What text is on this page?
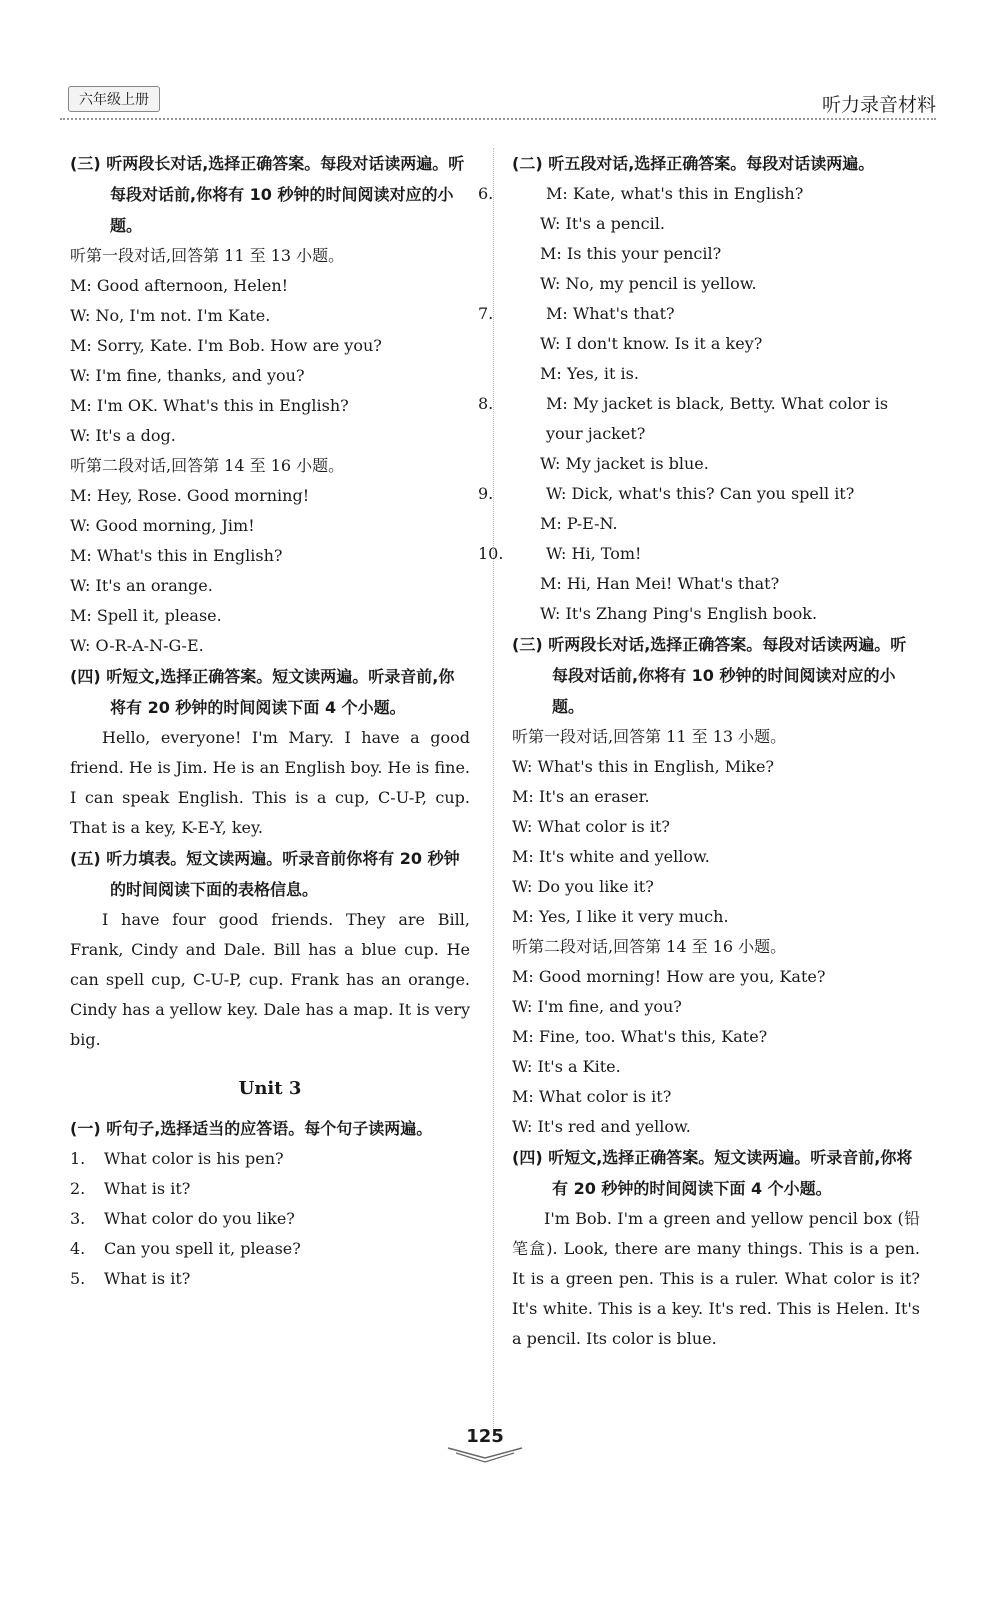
六年级上册	听力录音材料

(三) 听两段长对话,选择正确答案。每段对话读两遍。听每段对话前,你将有 10 秒钟的时间阅读对应的小题。

听第一段对话,回答第 11 至 13 小题。

M: Good afternoon, Helen!

W: No, I'm not. I'm Kate.

M: Sorry, Kate. I'm Bob. How are you?

W: I'm fine, thanks, and you?

M: I'm OK. What's this in English?

W: It's a dog.

听第二段对话,回答第 14 至 16 小题。

M: Hey, Rose. Good morning!

W: Good morning, Jim!

M: What's this in English?

W: It's an orange.

M: Spell it, please.

W: O-R-A-N-G-E.

(四) 听短文,选择正确答案。短文读两遍。听录音前,你将有 20 秒钟的时间阅读下面 4 个小题。

Hello, everyone! I'm Mary. I have a good friend. He is Jim. He is an English boy. He is fine. I can speak English. This is a cup, C-U-P, cup. That is a key, K-E-Y, key.

(五) 听力填表。短文读两遍。听录音前你将有 20 秒钟的时间阅读下面的表格信息。

I have four good friends. They are Bill, Frank, Cindy and Dale. Bill has a blue cup. He can spell cup, C-U-P, cup. Frank has an orange. Cindy has a yellow key. Dale has a map. It is very big.

Unit 3

(一) 听句子,选择适当的应答语。每个句子读两遍。

1. What color is his pen?

2. What is it?

3. What color do you like?

4. Can you spell it, please?

5. What is it?

(二) 听五段对话,选择正确答案。每段对话读两遍。

6.	M: Kate, what's this in English?

W: It's a pencil.

M: Is this your pencil?

W: No, my pencil is yellow.

7.	M: What's that?

W: I don't know. Is it a key?

M: Yes, it is.

8.	M: My jacket is black, Betty. What color is your jacket?

W: My jacket is blue.

9.	W: Dick, what's this? Can you spell it?

M: P-E-N.

10.	W: Hi, Tom!

M: Hi, Han Mei! What's that?

W: It's Zhang Ping's English book.

(三) 听两段长对话,选择正确答案。每段对话读两遍。听每段对话前,你将有 10 秒钟的时间阅读对应的小题。

听第一段对话,回答第 11 至 13 小题。

W: What's this in English, Mike?

M: It's an eraser.

W: What color is it?

M: It's white and yellow.

W: Do you like it?

M: Yes, I like it very much.

听第二段对话,回答第 14 至 16 小题。

M: Good morning! How are you, Kate?

W: I'm fine, and you?

M: Fine, too. What's this, Kate?

W: It's a Kite.

M: What color is it?

W: It's red and yellow.

(四) 听短文,选择正确答案。短文读两遍。听录音前,你将有 20 秒钟的时间阅读下面 4 个小题。

I'm Bob. I'm a green and yellow pencil box (铅笔盒). Look, there are many things. This is a pen. It is a green pen. This is a ruler. What color is it? It's white. This is a key. It's red. This is Helen. It's a pencil. Its color is blue.

125
